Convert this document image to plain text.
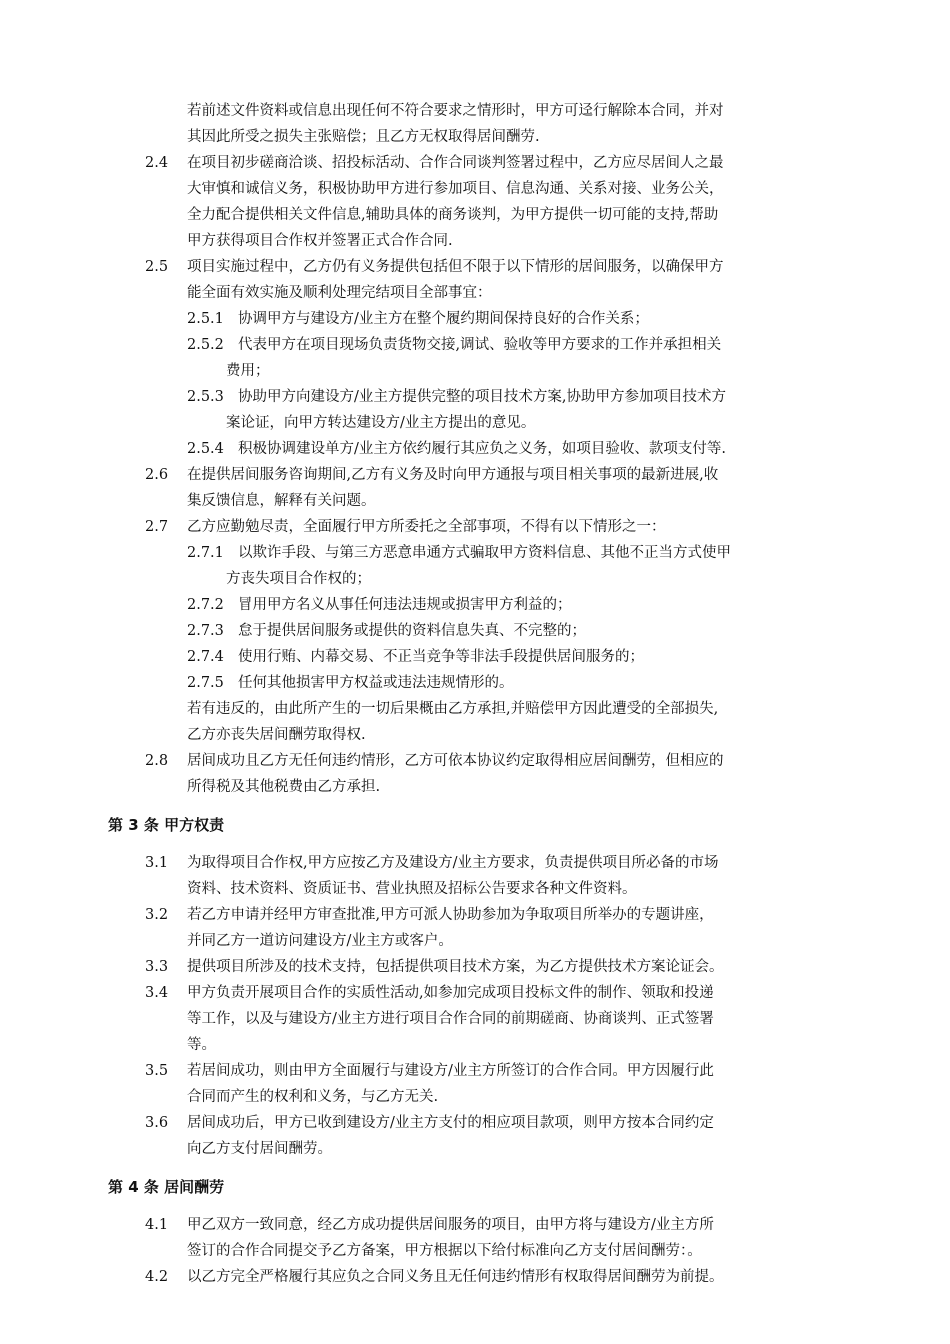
若前述文件资料或信息出现任何不符合要求之情形时，甲方可迳行解除本合同，并对
其因此所受之损失主张赔偿；且乙方无权取得居间酬劳.
2.4 在项目初步磋商洽谈、招投标活动、合作合同谈判签署过程中，乙方应尽居间人之最
大审慎和诚信义务，积极协助甲方进行参加项目、信息沟通、关系对接、业务公关，
全力配合提供相关文件信息,辅助具体的商务谈判，为甲方提供一切可能的支持,帮助
甲方获得项目合作权并签署正式合作合同.
2.5 项目实施过程中，乙方仍有义务提供包括但不限于以下情形的居间服务，以确保甲方
能全面有效实施及顺利处理完结项目全部事宜：
2.5.1 协调甲方与建设方/业主方在整个履约期间保持良好的合作关系；
2.5.2 代表甲方在项目现场负责货物交接,调试、验收等甲方要求的工作并承担相关
费用；
2.5.3 协助甲方向建设方/业主方提供完整的项目技术方案,协助甲方参加项目技术方
案论证，向甲方转达建设方/业主方提出的意见。
2.5.4 积极协调建设单方/业主方依约履行其应负之义务，如项目验收、款项支付等.
2.6 在提供居间服务咨询期间,乙方有义务及时向甲方通报与项目相关事项的最新进展,收
集反馈信息，解释有关问题。
2.7 乙方应勤勉尽责，全面履行甲方所委托之全部事项，不得有以下情形之一：
2.7.1 以欺诈手段、与第三方恶意串通方式骗取甲方资料信息、其他不正当方式使甲
方丧失项目合作权的；
2.7.2 冒用甲方名义从事任何违法违规或损害甲方利益的；
2.7.3 怠于提供居间服务或提供的资料信息失真、不完整的；
2.7.4 使用行贿、内幕交易、不正当竞争等非法手段提供居间服务的；
2.7.5 任何其他损害甲方权益或违法违规情形的。
若有违反的，由此所产生的一切后果概由乙方承担,并赔偿甲方因此遭受的全部损失,
乙方亦丧失居间酬劳取得权.
2.8 居间成功且乙方无任何违约情形，乙方可依本协议约定取得相应居间酬劳，但相应的
所得税及其他税费由乙方承担.
第 3 条 甲方权责
3.1 为取得项目合作权,甲方应按乙方及建设方/业主方要求，负责提供项目所必备的市场
资料、技术资料、资质证书、营业执照及招标公告要求各种文件资料。
3.2 若乙方申请并经甲方审查批准,甲方可派人协助参加为争取项目所举办的专题讲座，
并同乙方一道访问建设方/业主方或客户。
3.3 提供项目所涉及的技术支持，包括提供项目技术方案，为乙方提供技术方案论证会。
3.4 甲方负责开展项目合作的实质性活动,如参加完成项目投标文件的制作、领取和投递
等工作，以及与建设方/业主方进行项目合作合同的前期磋商、协商谈判、正式签署
等。
3.5 若居间成功，则由甲方全面履行与建设方/业主方所签订的合作合同。甲方因履行此
合同而产生的权利和义务，与乙方无关.
3.6 居间成功后，甲方已收到建设方/业主方支付的相应项目款项，则甲方按本合同约定
向乙方支付居间酬劳。
第 4 条 居间酬劳
4.1 甲乙双方一致同意，经乙方成功提供居间服务的项目，由甲方将与建设方/业主方所
签订的合作合同提交予乙方备案，甲方根据以下给付标准向乙方支付居间酬劳：。
4.2 以乙方完全严格履行其应负之合同义务且无任何违约情形有权取得居间酬劳为前提。
